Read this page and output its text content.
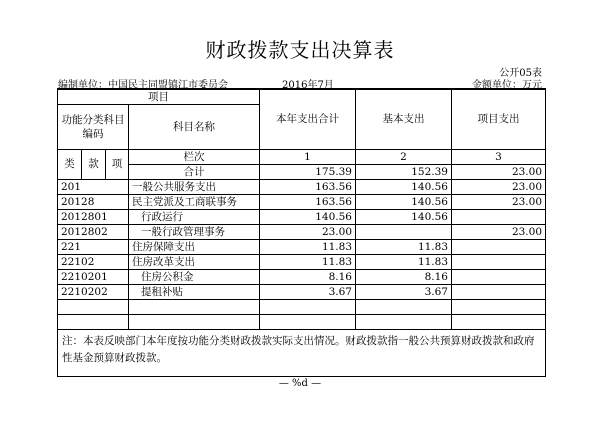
财政拨款支出决算表
公开05表
编制单位：中国民主同盟镇江市委员会	2016年7月	金额单位：万元
项目				本年支出合计	基本支出	项目支出
功能分类科目编码			科目名称			

类	款	项	栏次	1	2	3
			合计	175.39	152.39	23.00
201			一般公共服务支出	163.56	140.56	23.00
20128			民主党派及工商联事务	163.56	140.56	23.00
2012801			行政运行	140.56	140.56	
2012802			一般行政管理事务	23.00		23.00
221			住房保障支出	11.83	11.83	
22102			住房改革支出	11.83	11.83	
2210201			住房公积金	8.16	8.16	
2210202			提租补贴	3.67	3.67	

注：本表反映部门本年度按功能分类财政拨款实际支出情况。财政拨款指一般公共预算财政拨款和政府性基金预算财政拨款。						
— %d —
